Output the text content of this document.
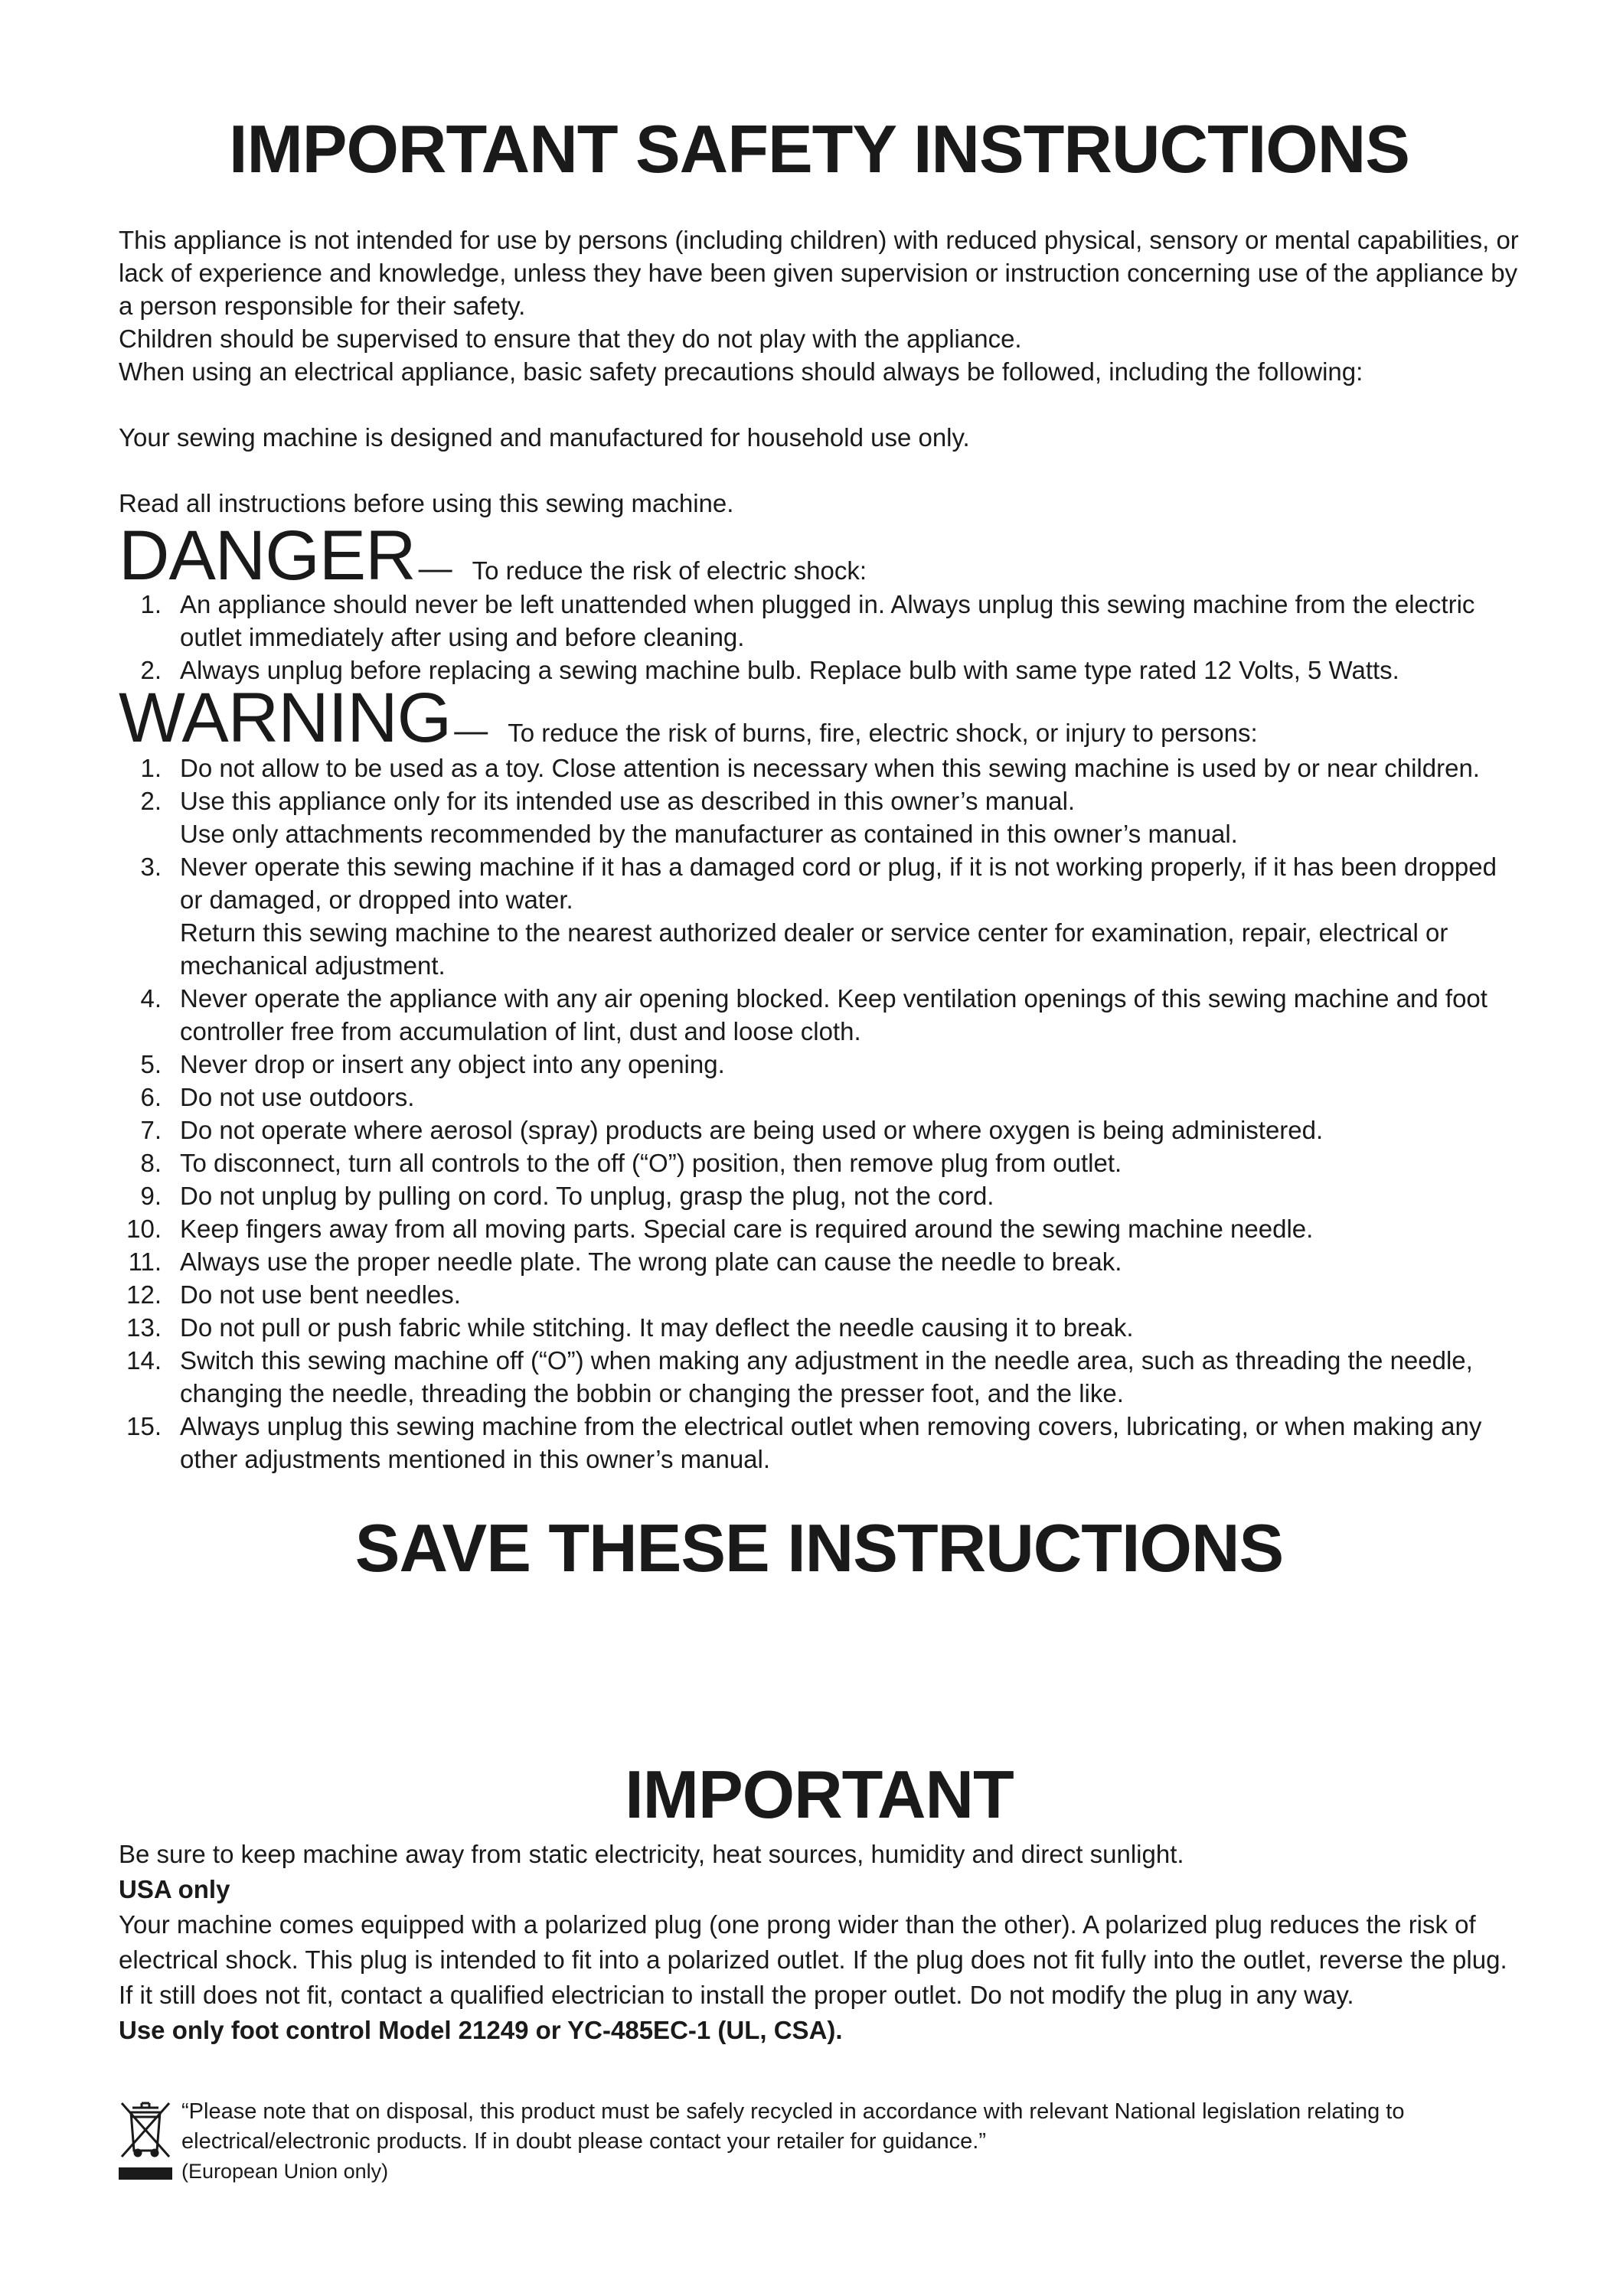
IMPORTANT SAFETY INSTRUCTIONS

This appliance is not intended for use by persons (including children) with reduced physical, sensory or mental capabilities, or lack of experience and knowledge, unless they have been given supervision or instruction concerning use of the appliance by a person responsible for their safety.

Children should be supervised to ensure that they do not play with the appliance.

When using an electrical appliance, basic safety precautions should always be followed, including the following:

Your sewing machine is designed and manufactured for household use only.

Read all instructions before using this sewing machine.

DANGER— To reduce the risk of electric shock:
1. An appliance should never be left unattended when plugged in. Always unplug this sewing machine from the electric outlet immediately after using and before cleaning.
2. Always unplug before replacing a sewing machine bulb. Replace bulb with same type rated 12 Volts, 5 Watts.
WARNING— To reduce the risk of burns, fire, electric shock, or injury to persons:
1. Do not allow to be used as a toy. Close attention is necessary when this sewing machine is used by or near children.
2. Use this appliance only for its intended use as described in this owner’s manual.
Use only attachments recommended by the manufacturer as contained in this owner’s manual.
3. Never operate this sewing machine if it has a damaged cord or plug, if it is not working properly, if it has been dropped or damaged, or dropped into water.
Return this sewing machine to the nearest authorized dealer or service center for examination, repair, electrical or mechanical adjustment.
4. Never operate the appliance with any air opening blocked. Keep ventilation openings of this sewing machine and foot controller free from accumulation of lint, dust and loose cloth.
5. Never drop or insert any object into any opening.
6. Do not use outdoors.
7. Do not operate where aerosol (spray) products are being used or where oxygen is being administered.
8. To disconnect, turn all controls to the off (“O”) position, then remove plug from outlet.
9. Do not unplug by pulling on cord. To unplug, grasp the plug, not the cord.
10. Keep fingers away from all moving parts. Special care is required around the sewing machine needle.
11. Always use the proper needle plate. The wrong plate can cause the needle to break.
12. Do not use bent needles.
13. Do not pull or push fabric while stitching. It may deflect the needle causing it to break.
14. Switch this sewing machine off (“O”) when making any adjustment in the needle area, such as threading the needle, changing the needle, threading the bobbin or changing the presser foot, and the like.
15. Always unplug this sewing machine from the electrical outlet when removing covers, lubricating, or when making any other adjustments mentioned in this owner’s manual.
SAVE THESE INSTRUCTIONS
IMPORTANT

Be sure to keep machine away from static electricity, heat sources, humidity and direct sunlight.

USA only

Your machine comes equipped with a polarized plug (one prong wider than the other). A polarized plug reduces the risk of electrical shock. This plug is intended to fit into a polarized outlet. If the plug does not fit fully into the outlet, reverse the plug. If it still does not fit, contact a qualified electrician to install the proper outlet. Do not modify the plug in any way.

Use only foot control Model 21249 or YC-485EC-1 (UL, CSA).

“Please note that on disposal, this product must be safely recycled in accordance with relevant National legislation relating to electrical/electronic products. If in doubt please contact your retailer for guidance.”

(European Union only)
